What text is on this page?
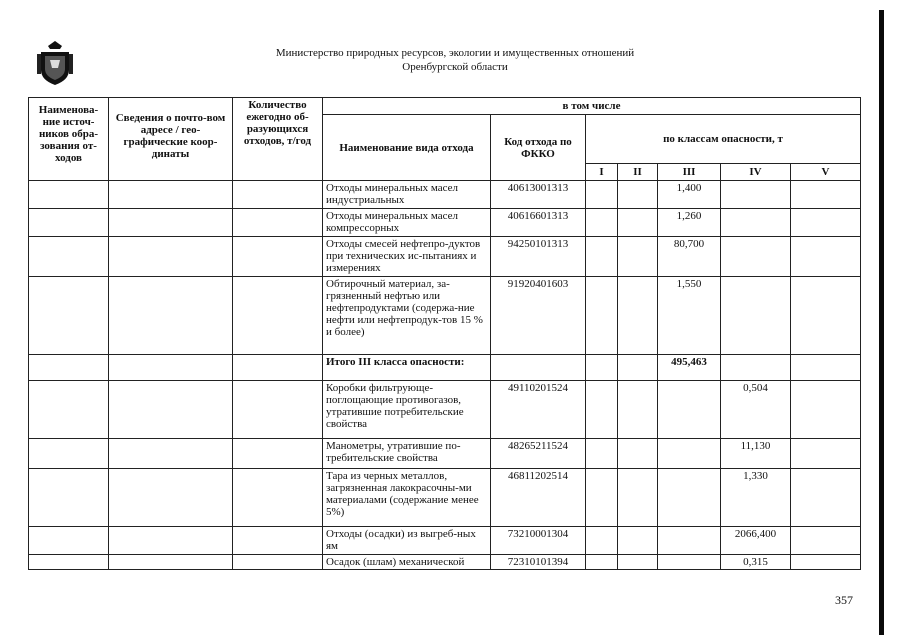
Министерство природных ресурсов, экологии и имущественных отношений
Оренбургской области
Наименова-ние источ-ников обра-зования от-ходов	Сведения о почто-вом адресе / гео-графические коор-динаты	Количество ежегодно об-разующихся отходов, т/год	в том числе						
			Наименование вида отхода	Код отхода по ФККО	по классам опасности, т				
					I	II	III	IV	V
			Отходы минеральных масел индустриальных	40613001313			1,400		
			Отходы минеральных масел компрессорных	40616601313			1,260		
			Отходы смесей нефтепро-дуктов при технических ис-пытаниях и измерениях	94250101313			80,700		
			Обтирочный материал, за-грязненный нефтью или нефтепродуктами (содержа-ние нефти или нефтепродук-тов 15 % и более)	91920401603			1,550		
			Итого III класса опасности:				495,463		
			Коробки фильтрующе-поглощающие противогазов, утратившие потребительские свойства	49110201524				0,504	
			Манометры, утратившие по-требительские свойства	48265211524				11,130	
			Тара из черных металлов, загрязненная лакокрасочны-ми материалами (содержание менее 5%)	46811202514				1,330	
			Отходы (осадки) из выгреб-ных ям	73210001304				2066,400	
			Осадок (шлам) механической	72310101394				0,315	
357
